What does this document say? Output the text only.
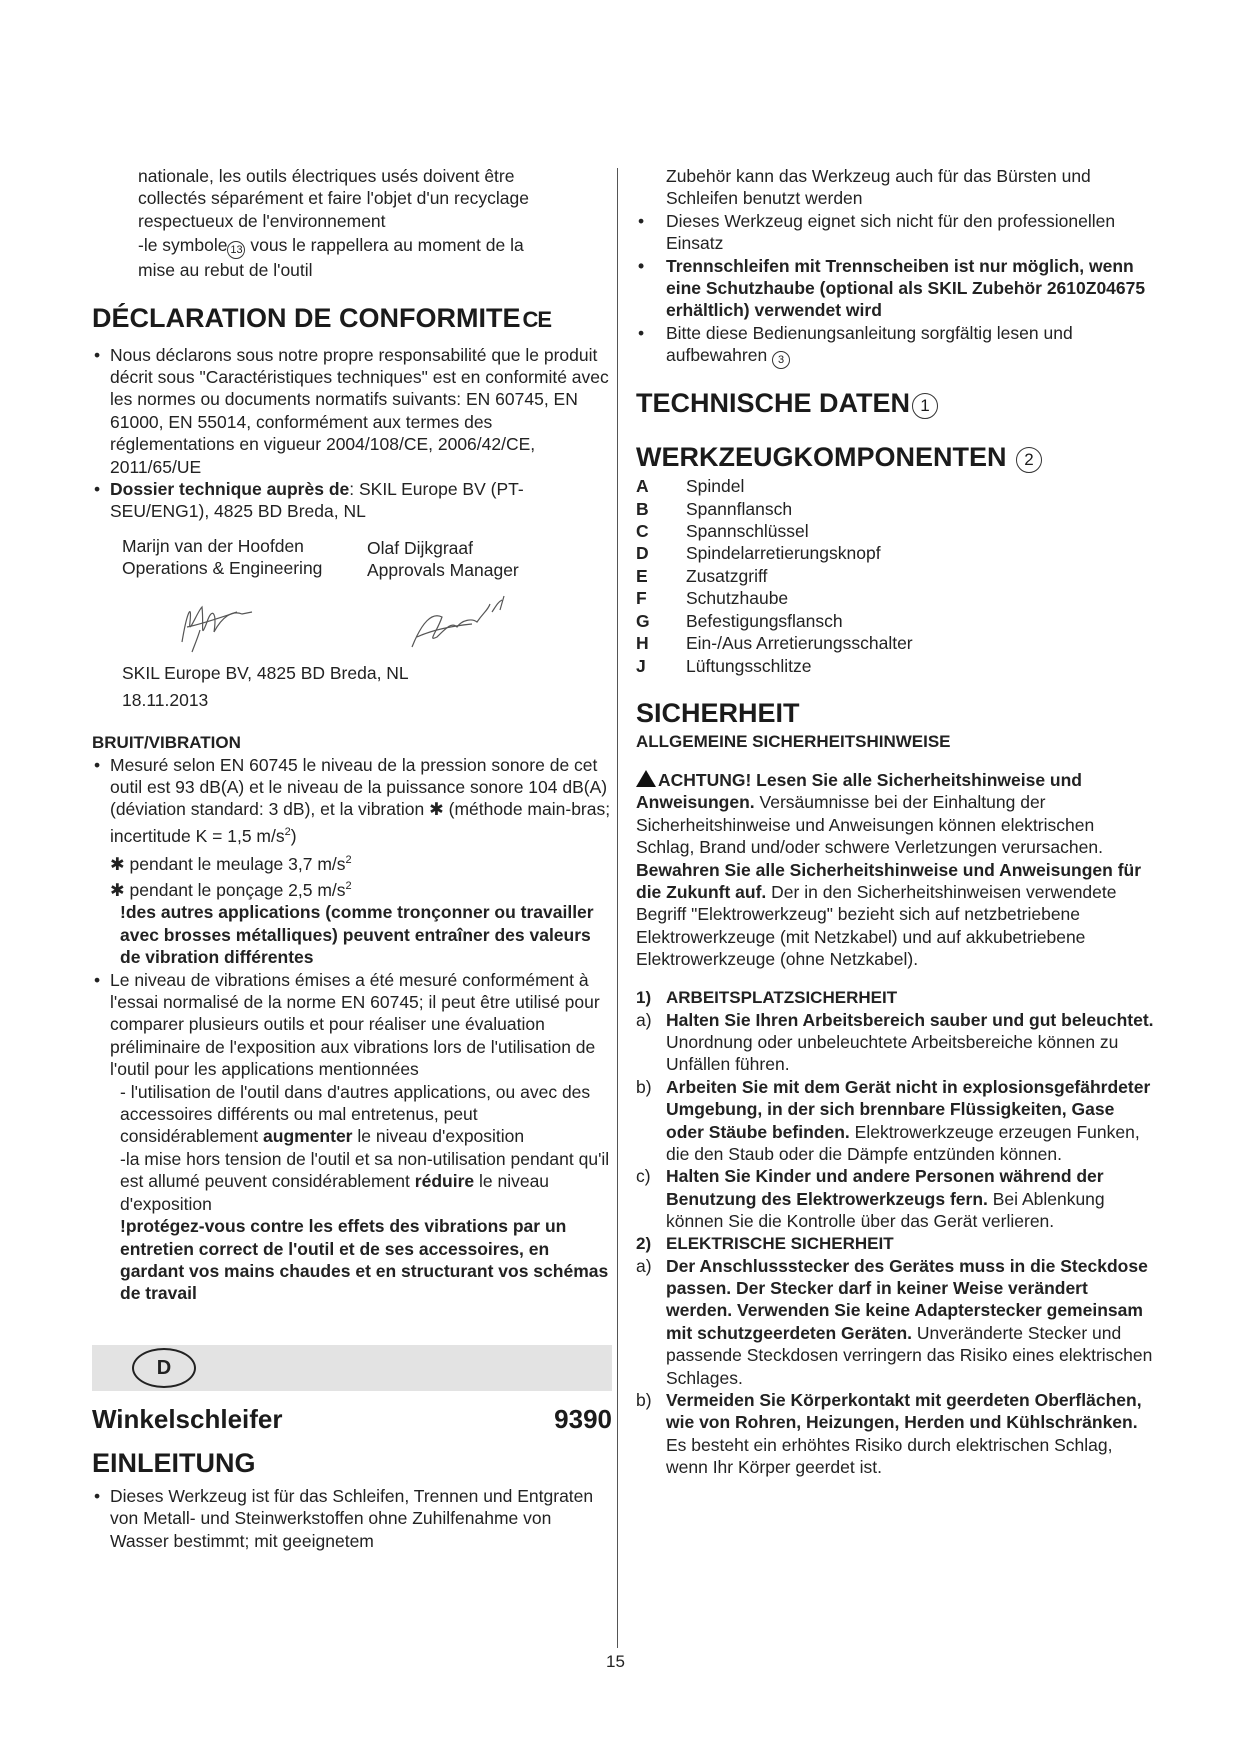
nationale, les outils électriques usés doivent être

collectés séparément et faire l'objet d'un recyclage

respectueux de l'environnement

-le symbole 13 vous le rappellera au moment de la

mise au rebut de l'outil

DÉCLARATION DE CONFORMITECE
• Nous déclarons sous notre propre responsabilité que le produit décrit sous "Caractéristiques techniques" est en conformité avec les normes ou documents normatifs suivants: EN 60745, EN 61000, EN 55014, conformément aux termes des réglementations en vigueur 2004/108/CE, 2006/42/CE, 2011/65/UE
• Dossier technique auprès de: SKIL Europe BV (PT-SEU/ENG1), 4825 BD Breda, NL

Marijn van der Hoofden

Operations & Engineering

Olaf Dijkgraaf

Approvals Manager

SKIL Europe BV, 4825 BD Breda, NL

18.11.2013

BRUIT/VIBRATION
• Mesuré selon EN 60745 le niveau de la pression sonore de cet outil est 93 dB(A) et le niveau de la puissance sonore 104 dB(A) (déviation standard: 3 dB), et la vibration ✱ (méthode main-bras; incertitude K = 1,5 $m/s^2$)

✱ pendant le meulage 3,7 $m/s^2$

✱ pendant le ponçage 2,5 $m/s^2$

!des autres applications (comme tronçonner ou travailler avec brosses métalliques) peuvent entraîner des valeurs de vibration différentes

• Le niveau de vibrations émises a été mesuré conformément à l'essai normalisé de la norme EN 60745; il peut être utilisé pour comparer plusieurs outils et pour réaliser une évaluation préliminaire de l'exposition aux vibrations lors de l'utilisation de l'outil pour les applications mentionnées

- l'utilisation de l'outil dans d'autres applications, ou avec des accessoires différents ou mal entretenus, peut considérablement augmenter le niveau d'exposition

-la mise hors tension de l'outil et sa non-utilisation pendant qu'il est allumé peuvent considérablement réduire le niveau d'exposition

!protégez-vous contre les effets des vibrations par un entretien correct de l'outil et de ses accessoires, en gardant vos mains chaudes et en structurant vos schémas de travail

D
Winkelschleifer	9390
EINLEITUNG
• Dieses Werkzeug ist für das Schleifen, Trennen und Entgraten von Metall- und Steinwerkstoffen ohne Zuhilfenahme von Wasser bestimmt; mit geeignetem

Zubehör kann das Werkzeug auch für das Bürsten und Schleifen benutzt werden

• Dieses Werkzeug eignet sich nicht für den professionellen Einsatz
• Trennschleifen mit Trennscheiben ist nur möglich, wenn eine Schutzhaube (optional als SKIL Zubehör 2610Z04675 erhältlich) verwendet wird
• Bitte diese Bedienungsanleitung sorgfältig lesen und aufbewahren 3
TECHNISCHE DATEN 1
WERKZEUGKOMPONENTEN 2
A	Spindel
B	Spannflansch
C	Spannschlüssel
D	Spindelarretierungsknopf
E	Zusatzgriff
F	Schutzhaube
G	Befestigungsflansch
H	Ein-/Aus Arretierungsschalter
J	Lüftungsschlitze
SICHERHEIT
ALLGEMEINE SICHERHEITSHINWEISE

ACHTUNG! Lesen Sie alle Sicherheitshinweise und Anweisungen. Versäumnisse bei der Einhaltung der Sicherheitshinweise und Anweisungen können elektrischen Schlag, Brand und/oder schwere Verletzungen verursachen. Bewahren Sie alle Sicherheitshinweise und Anweisungen für die Zukunft auf. Der in den Sicherheitshinweisen verwendete Begriff "Elektrowerkzeug" bezieht sich auf netzbetriebene Elektrowerkzeuge (mit Netzkabel) und auf akkubetriebene Elektrowerkzeuge (ohne Netzkabel).

1) ARBEITSPLATZSICHERHEIT
a) Halten Sie Ihren Arbeitsbereich sauber und gut beleuchtet. Unordnung oder unbeleuchtete Arbeitsbereiche können zu Unfällen führen.
b) Arbeiten Sie mit dem Gerät nicht in explosionsgefährdeter Umgebung, in der sich brennbare Flüssigkeiten, Gase oder Stäube befinden. Elektrowerkzeuge erzeugen Funken, die den Staub oder die Dämpfe entzünden können.
c) Halten Sie Kinder und andere Personen während der Benutzung des Elektrowerkzeugs fern. Bei Ablenkung können Sie die Kontrolle über das Gerät verlieren.
2) ELEKTRISCHE SICHERHEIT
a) Der Anschlussstecker des Gerätes muss in die Steckdose passen. Der Stecker darf in keiner Weise verändert werden. Verwenden Sie keine Adapterstecker gemeinsam mit schutzgeerdeten Geräten. Unveränderte Stecker und passende Steckdosen verringern das Risiko eines elektrischen Schlages.
b) Vermeiden Sie Körperkontakt mit geerdeten Oberflächen, wie von Rohren, Heizungen, Herden und Kühlschränken. Es besteht ein erhöhtes Risiko durch elektrischen Schlag, wenn Ihr Körper geerdet ist.
15
